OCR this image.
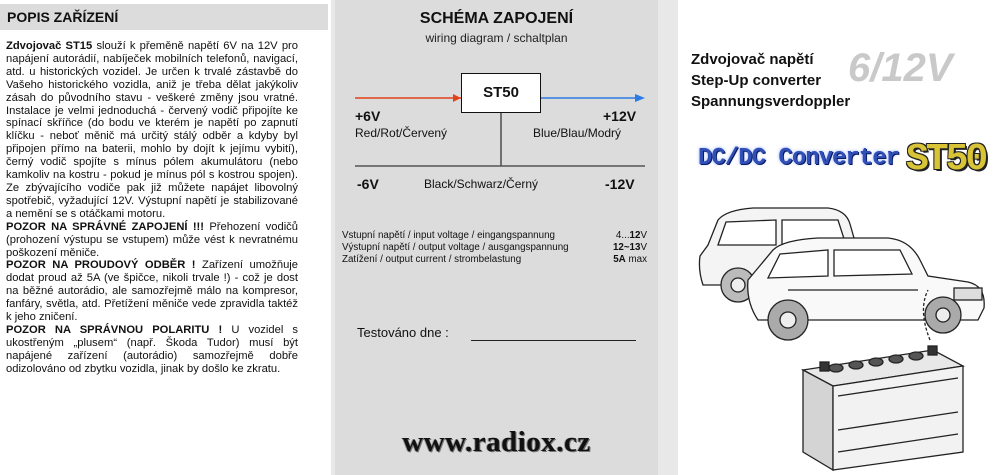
POPIS ZAŘÍZENÍ

Zdvojovač ST15 slouží k přeměně napětí 6V na 12V pro napájení autorádií, nabíječek mobilních telefonů, navigací, atd. u historických vozidel. Je určen k trvalé zástavbě do Vašeho historického vozidla, aniž je třeba dělat jakýkoliv zásah do původního stavu - veškeré změny jsou vratné. Instalace je velmi jednoduchá - červený vodič připojíte ke spínací skříňce (do bodu ve kterém je napětí po zapnutí klíčku - neboť měnič má určitý stálý odběr a kdyby byl připojen přímo na baterii, mohlo by dojít k jejímu vybití), černý vodič spojíte s mínus pólem akumulátoru (nebo kamkoliv na kostru - pokud je mínus pól s kostrou spojen). Ze zbývajícího vodiče pak již můžete napájet libovolný spotřebič, vyžadující 12V. Výstupní napětí je stabilizované a nemění se s otáčkami motoru.
POZOR NA SPRÁVNÉ ZAPOJENÍ !!! Přehození vodičů (prohození výstupu se vstupem) může vést k nevratnému poškození měniče.
POZOR NA PROUDOVÝ ODBĚR ! Zařízení umožňuje dodat proud až 5A (ve špičce, nikoli trvale !) - což je dost na běžné autorádio, ale samozřejmě málo na kompresor, fanfáry, světla, atd. Přetížení měniče vede zpravidla taktéž k jeho zničení.
POZOR NA SPRÁVNOU POLARITU ! U vozidel s ukostřeným „plusem“ (např. Škoda Tudor) musí být napájené zařízení (autorádio) samozřejmě dobře odizolováno od zbytku vozidla, jinak by došlo ke zkratu.

SCHÉMA ZAPOJENÍ
wiring diagram / schaltplan
ST50
+6V
Red/Rot/Červený
+12V
Blue/Blau/Modrý
-6V	Black/Schwarz/Černý	-12V
Vstupní napětí / input voltage / eingangspannung	4...12V
Výstupní napětí / output voltage / ausgangspannung	12~13V
Zatížení / output current / strombelastung	5A max
Testováno dne :
www.radiox.cz
6/12V
Zdvojovač napětí
Step-Up converter
Spannungsverdoppler
DC/DC Converter ST50
